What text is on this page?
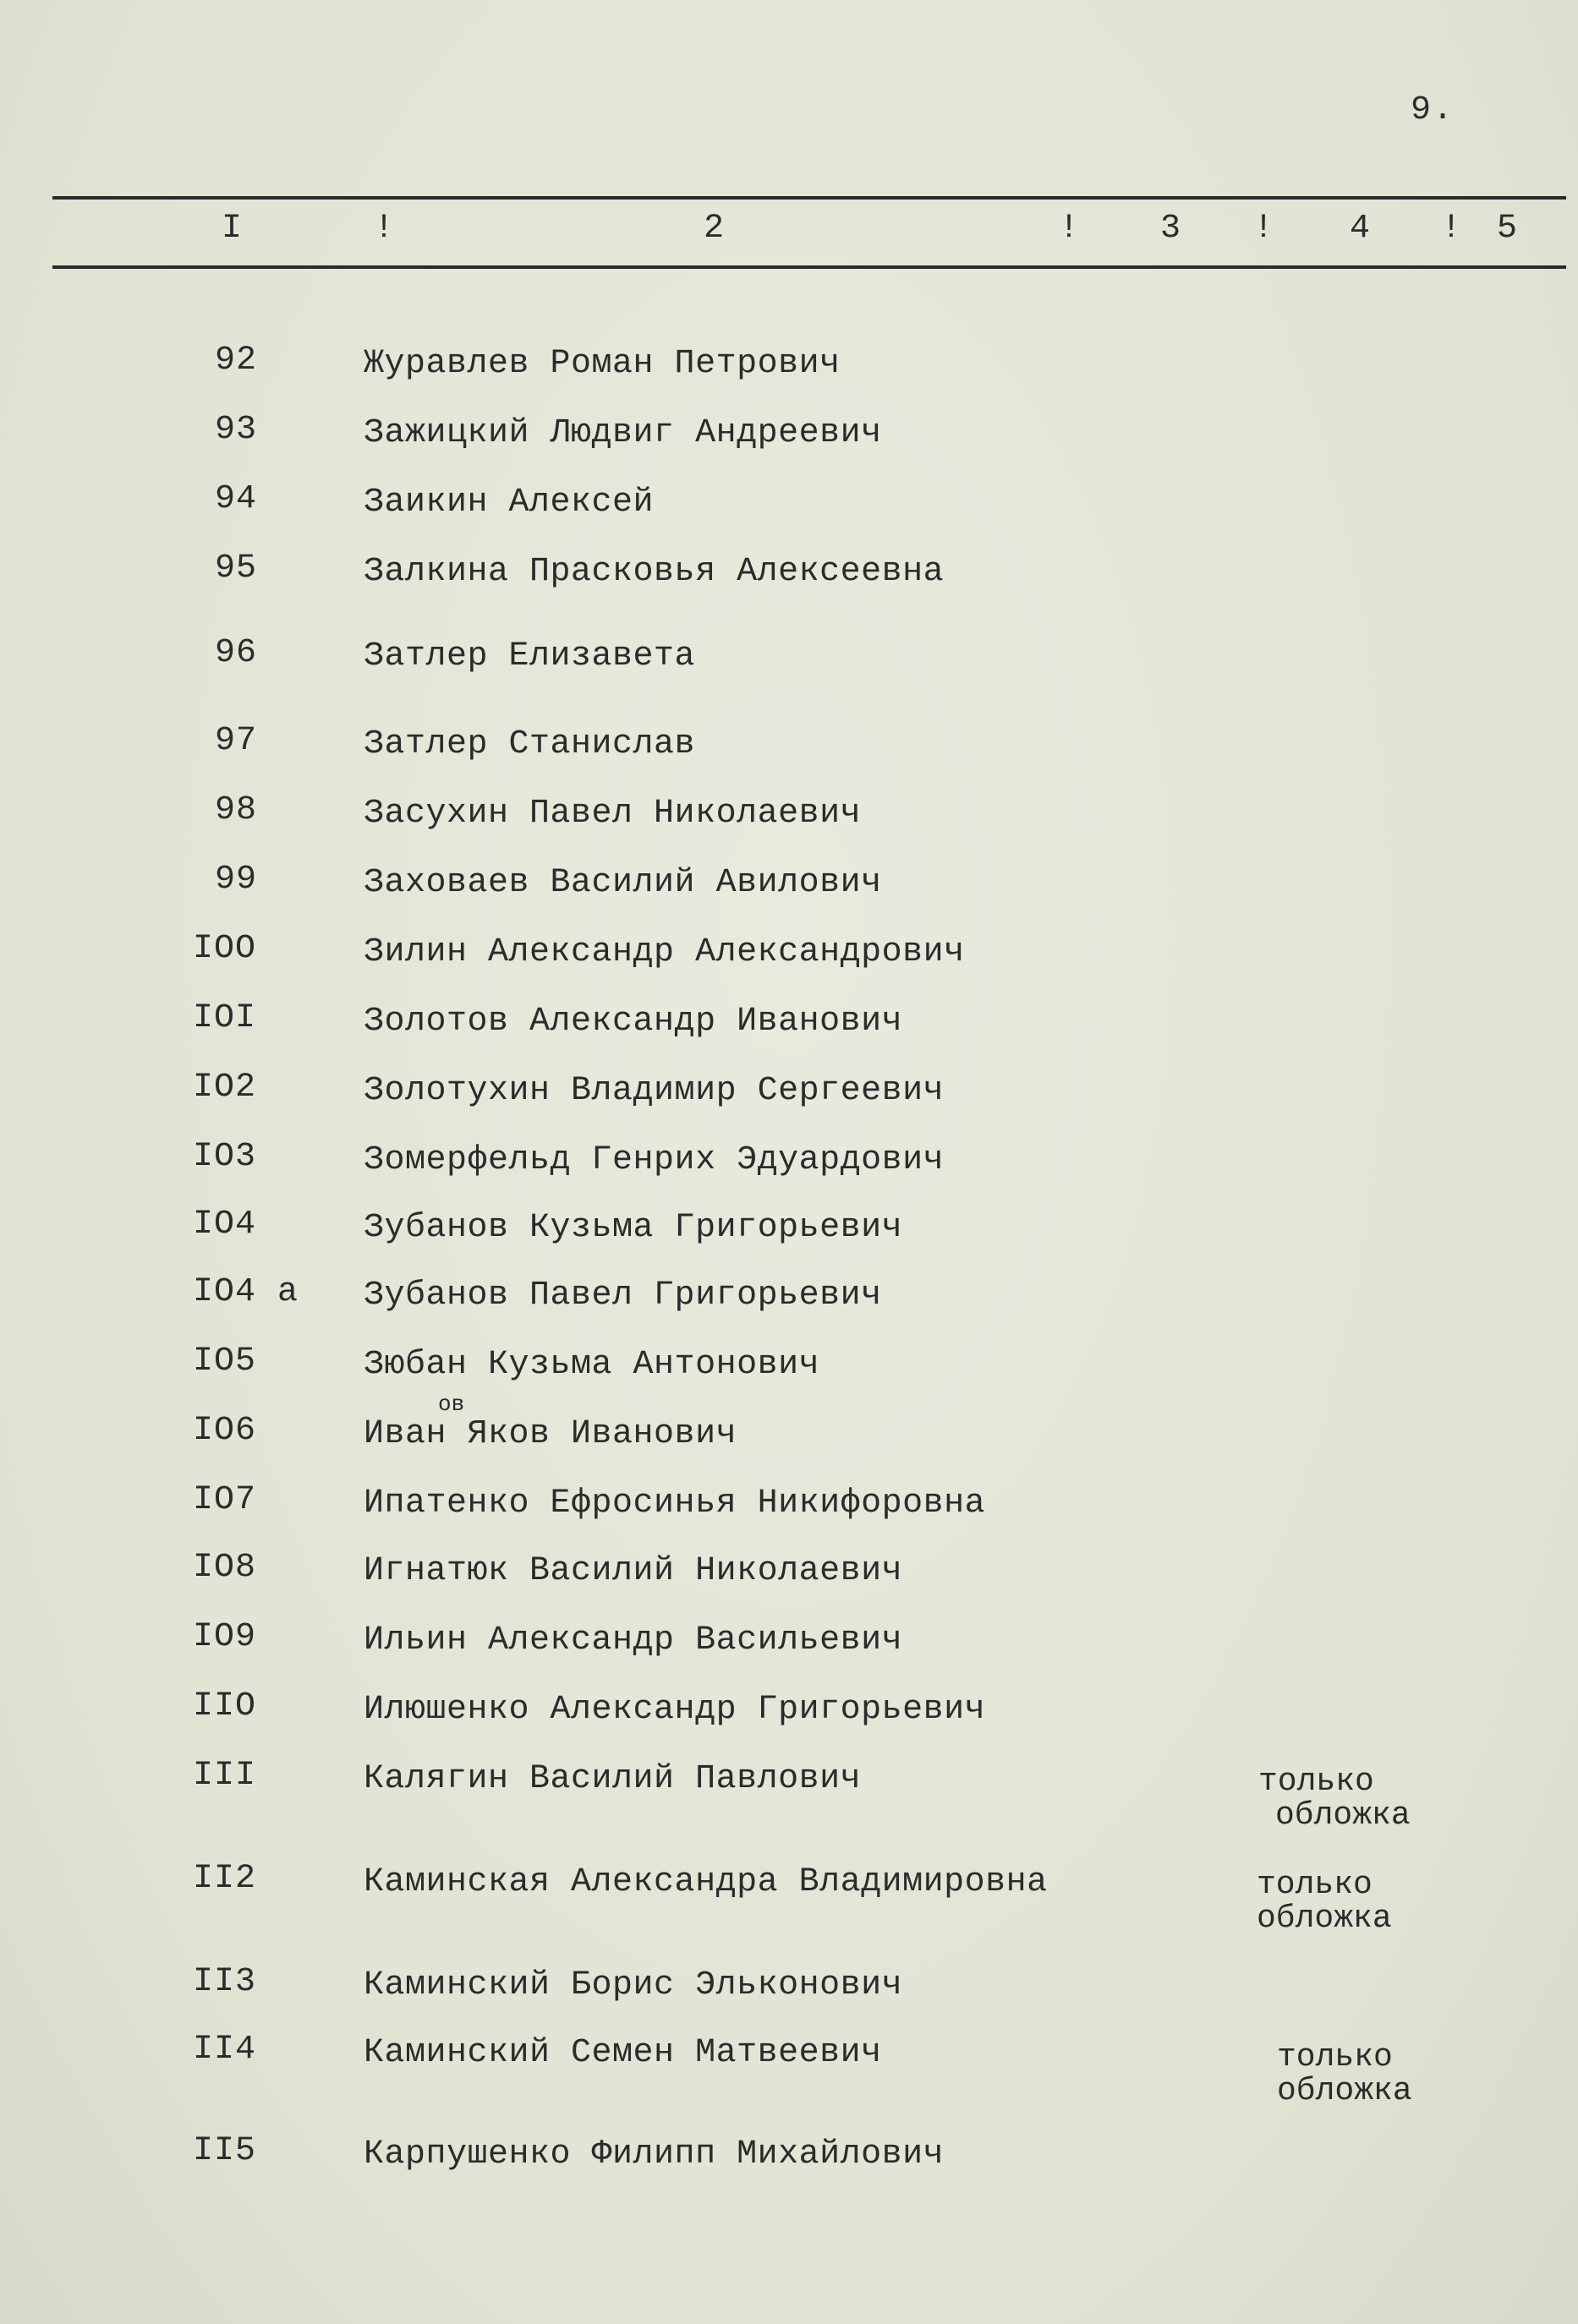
9.
I	!	2	! 3 ! 4 ! 5
92	Журавлев Роман Петрович
93	Зажицкий Людвиг Андреевич
94	Заикин Алексей
95	Залкина Прасковья Алексеевна
96	Затлер Елизавета
97	Затлер Станислав
98	Засухин Павел Николаевич
99	Заховаев Василий Авилович
IOO	Зилин Александр Александрович
IOI	Золотов Александр Иванович
IO2	Золотухин Владимир Сергеевич
IO3	Зомерфельд Генрих Эдуардович
IO4	Зубанов Кузьма Григорьевич
IO4 а Зубанов Павел Григорьевич
IO5	Зюбан Кузьма Антонович
IO6	Иван Яков Иванович
ов
IO7	Ипатенко Ефросинья Никифоровна
IO8	Игнатюк Василий Николаевич
IO9	Ильин Александр Васильевич
IIO	Илюшенко Александр Григорьевич
III	Калягин Василий Павлович	только
обложка
II2	Каминская Александра Владимировна	только
обложка
II3	Каминский Борис Элькoнович
II4	Каминский Семен Матвеевич	только
обложка
II5	Карпушенко Филипп Михайлович
